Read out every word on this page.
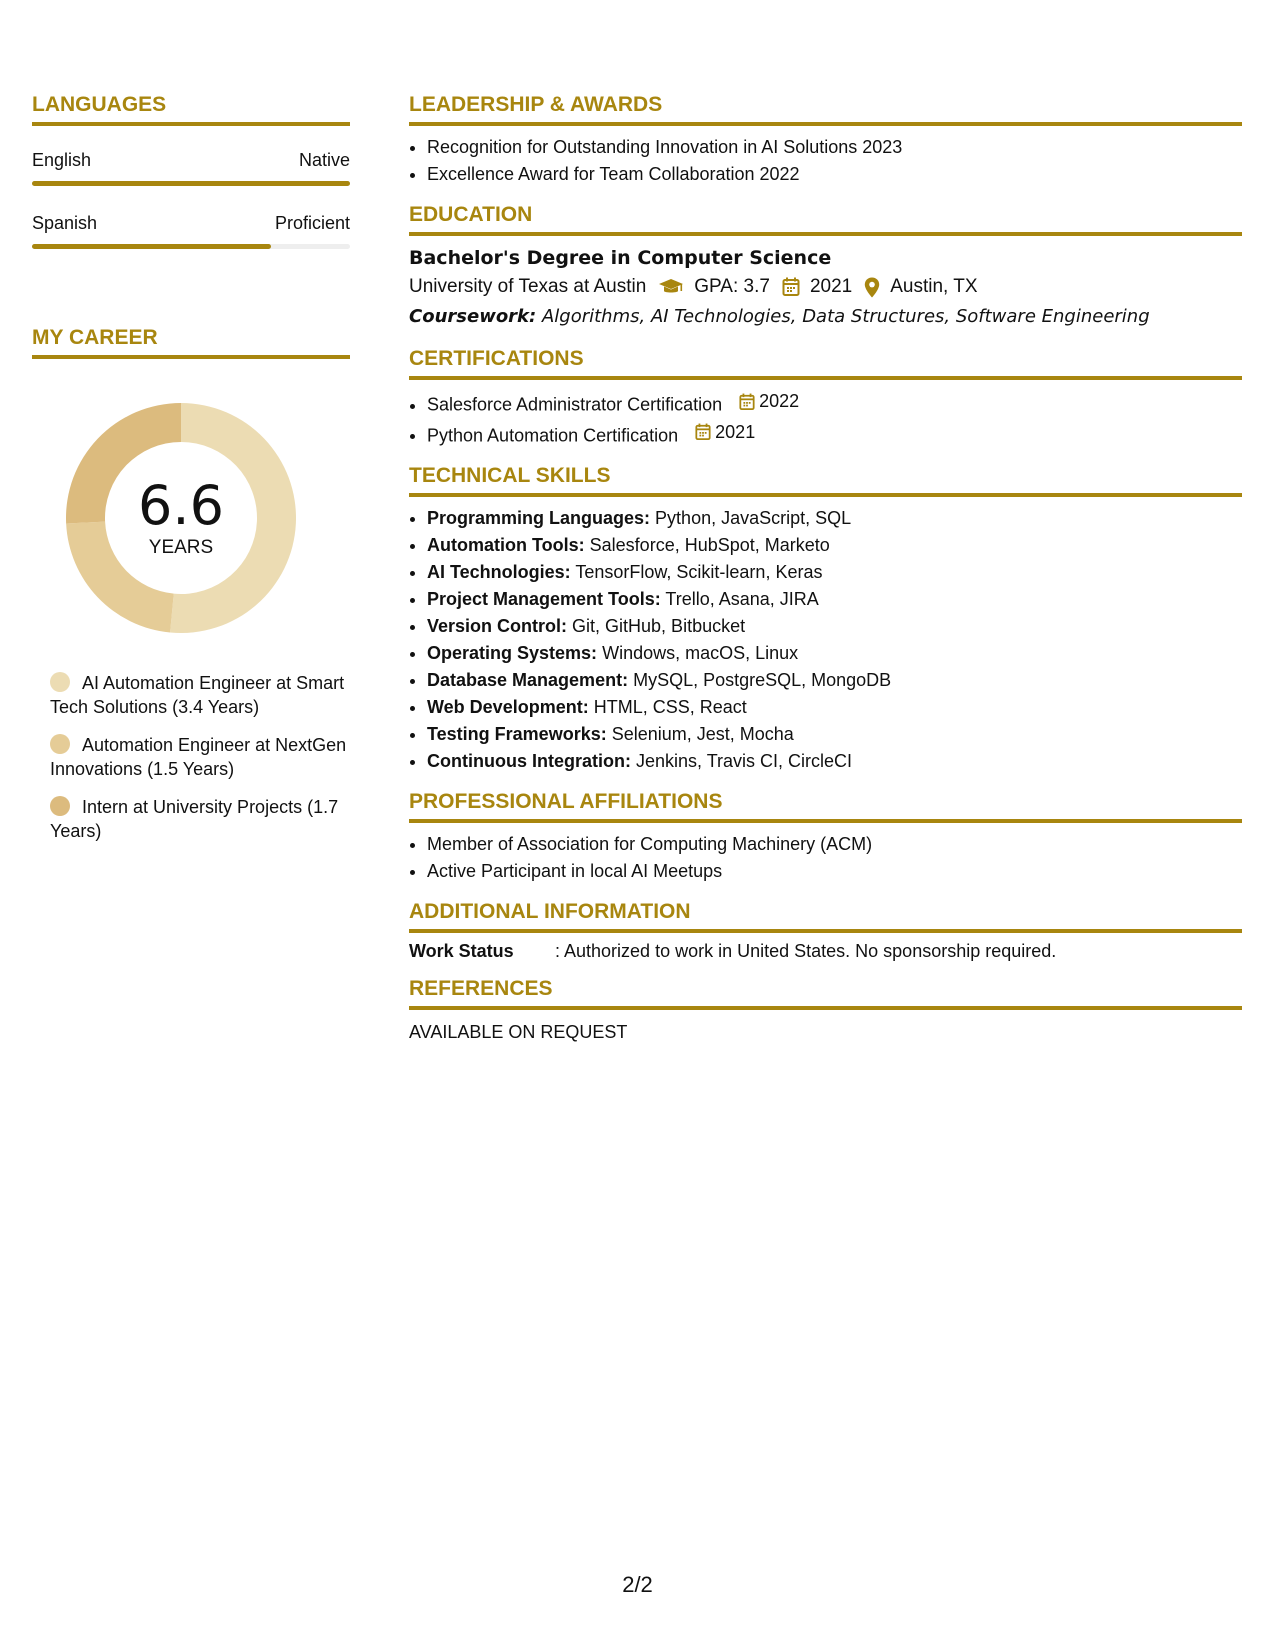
LANGUAGES
English	Native
Spanish	Proficient
MY CAREER
6.6
YEARS
AI Automation Engineer at Smart Tech Solutions (3.4 Years)
Automation Engineer at NextGen Innovations (1.5 Years)
Intern at University Projects (1.7 Years)
LEADERSHIP & AWARDS
• Recognition for Outstanding Innovation in AI Solutions 2023
• Excellence Award for Team Collaboration 2022
EDUCATION
Bachelor's Degree in Computer Science
University of Texas at Austin	GPA: 3.7 2021 Austin, TX
Coursework: Algorithms, AI Technologies, Data Structures, Software Engineering
CERTIFICATIONS
• Salesforce Administrator Certification 2022
• Python Automation Certification 2021
TECHNICAL SKILLS
• Programming Languages: Python, JavaScript, SQL
• Automation Tools: Salesforce, HubSpot, Marketo
• AI Technologies: TensorFlow, Scikit-learn, Keras
• Project Management Tools: Trello, Asana, JIRA
• Version Control: Git, GitHub, Bitbucket
• Operating Systems: Windows, macOS, Linux
• Database Management: MySQL, PostgreSQL, MongoDB
• Web Development: HTML, CSS, React
• Testing Frameworks: Selenium, Jest, Mocha
• Continuous Integration: Jenkins, Travis CI, CircleCI
PROFESSIONAL AFFILIATIONS
• Member of Association for Computing Machinery (ACM)
• Active Participant in local AI Meetups
ADDITIONAL INFORMATION
Work Status	: Authorized to work in United States. No sponsorship required.
REFERENCES
AVAILABLE ON REQUEST
2/2
